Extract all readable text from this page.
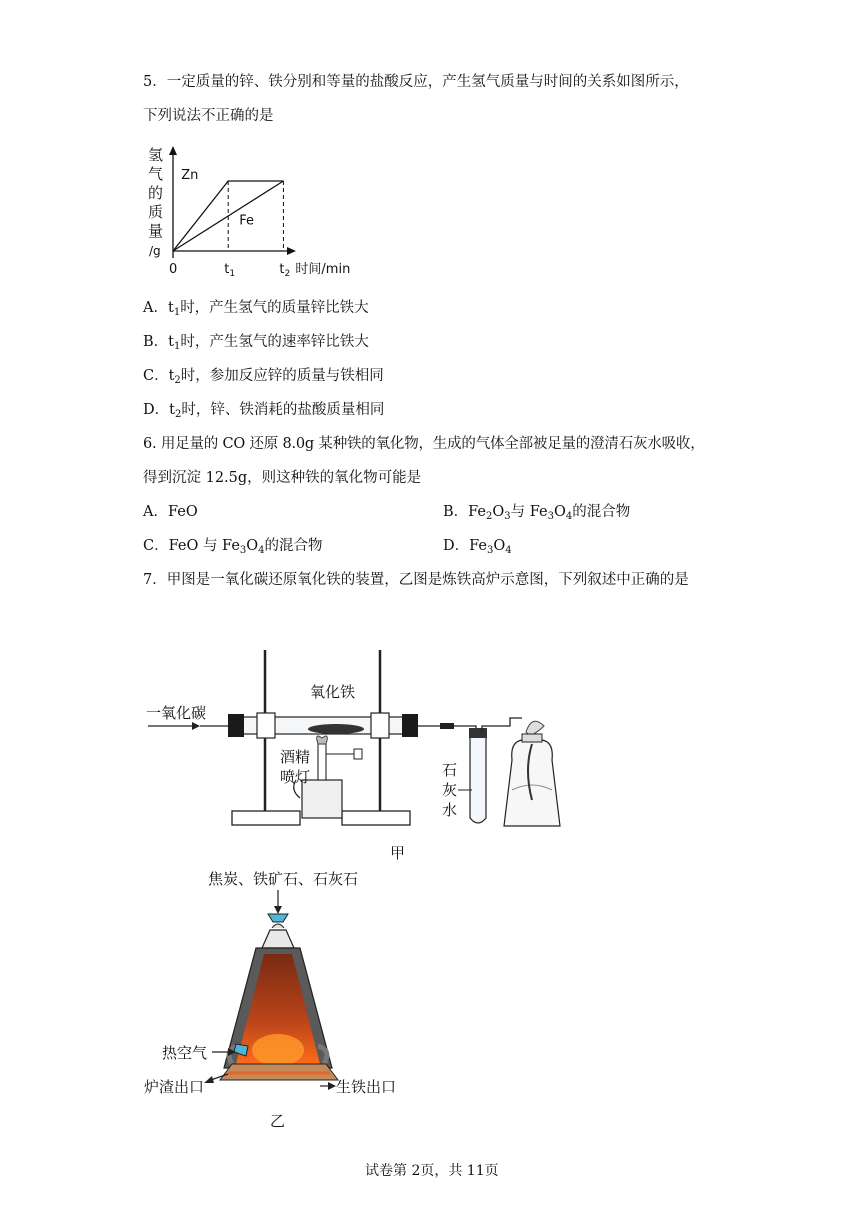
5．一定质量的锌、铁分别和等量的盐酸反应，产生氢气质量与时间的关系如图所示，
下列说法不正确的是
氢
气
的
质
量
/g
Zn
Fe
0	$t_1$	$t_2$ 时间/min
A．$t_1$时，产生氢气的质量锌比铁大
B．$t_1$时，产生氢气的速率锌比铁大
C．$t_2$时，参加反应锌的质量与铁相同
D．$t_2$时，锌、铁消耗的盐酸质量相同
6. 用足量的 CO 还原 8.0g 某种铁的氧化物，生成的气体全部被足量的澄清石灰水吸收，
得到沉淀 12.5g，则这种铁的氧化物可能是
A．FeO	B．$Fe_2O_3$与 $Fe_3O_4$的混合物
C．FeO 与 $Fe_3O_4$的混合物	D．$Fe_3O_4$
7．甲图是一氧化碳还原氧化铁的装置，乙图是炼铁高炉示意图，下列叙述中正确的是
一氧化碳
氧化铁
酒精
喷灯	石
灰
水
甲
焦炭、铁矿石、石灰石
热空气
炉渣出口	生铁出口
乙
试卷第 2页，共 11页
